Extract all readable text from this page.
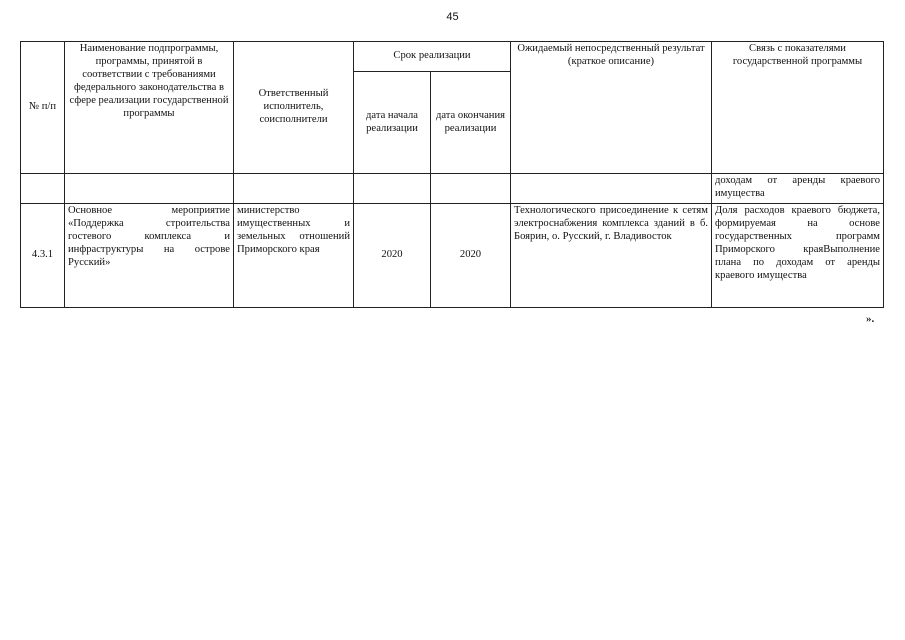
45
№ п/п	Наименование подпрограммы, программы, принятой в соответствии с требованиями федерального законодательства в сфере реализации государственной программы	Ответственный исполнитель, соисполнители	Срок реализации		Ожидаемый непосредственный результат (краткое описание)	Связь с показателями государственной программы
			дата начала реализации	дата окончания реализации		
						доходам от аренды краевого имущества
4.3.1	Основное мероприятие «Поддержка строительства гостевого комплекса и инфраструктуры на острове Русский»	министерство имущественных и земельных отношений Приморского края	2020	2020	Технологического присоединение к сетям электроснабжения комплекса зданий в б. Боярин, о. Русский, г. Владивосток	Доля расходов краевого бюджета, формируемая на основе государственных программ Приморского краяВыполнение плана по доходам от аренды краевого имущества
».
